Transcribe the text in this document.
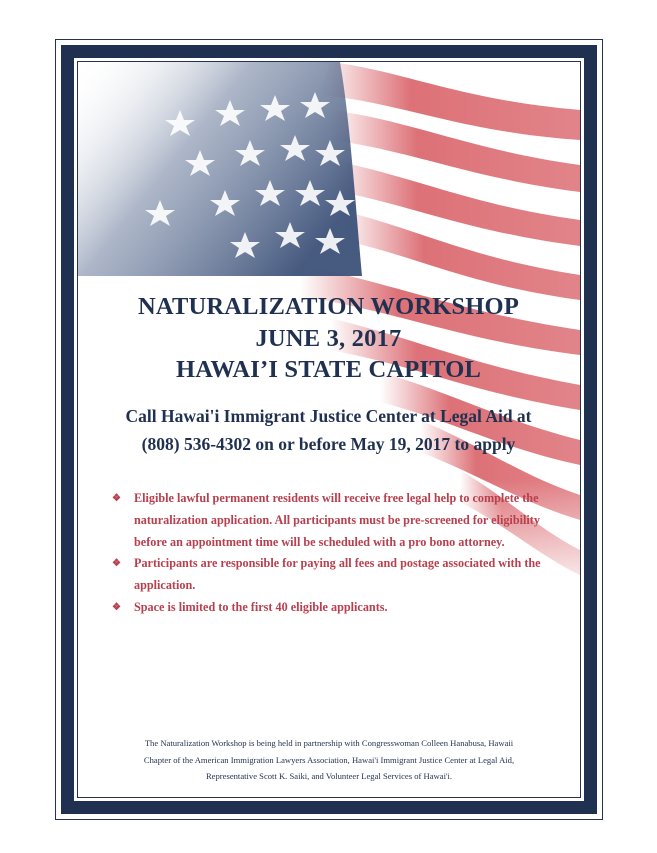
NATURALIZATION WORKSHOP

JUNE 3, 2017

HAWAI’I STATE CAPITOL

Call Hawai'i Immigrant Justice Center at Legal Aid at

(808) 536-4302 on or before May 19, 2017 to apply

❖ Eligible lawful permanent residents will receive free legal help to complete the naturalization application. All participants must be pre-screened for eligibility before an appointment time will be scheduled with a pro bono attorney.
❖ Participants are responsible for paying all fees and postage associated with the application.
❖ Space is limited to the first 40 eligible applicants.

The Naturalization Workshop is being held in partnership with Congresswoman Colleen Hanabusa, Hawaii
Chapter of the American Immigration Lawyers Association, Hawai'i Immigrant Justice Center at Legal Aid,
Representative Scott K. Saiki, and Volunteer Legal Services of Hawai'i.
